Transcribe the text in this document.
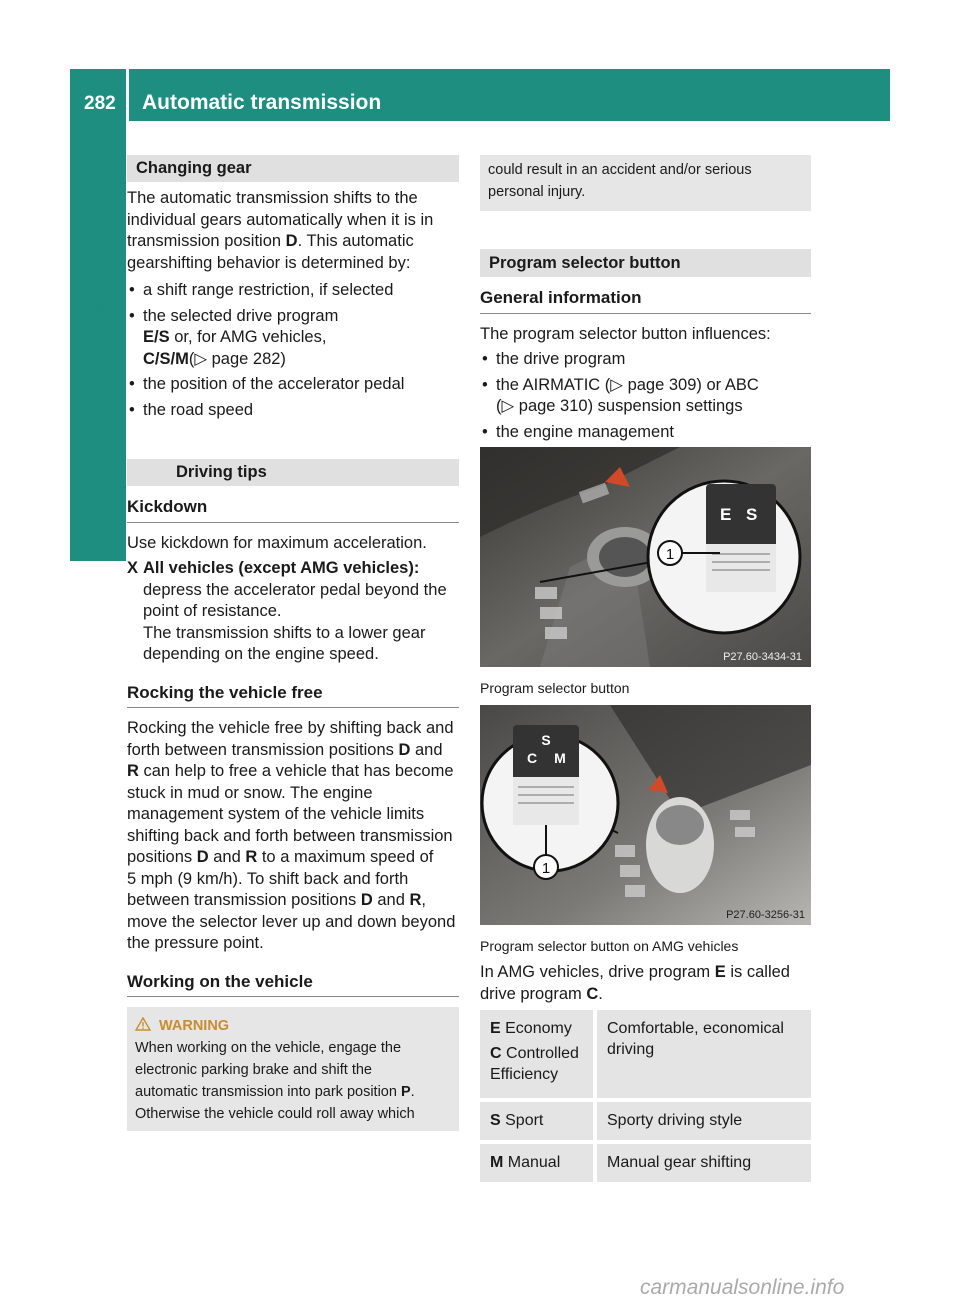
282 Automatic transmission
Driving and parking
Changing gear

The automatic transmission shifts to the
individual gears automatically when it is in
transmission position D. This automatic
gearshifting behavior is determined by:

• a shift range restriction, if selected

• the selected drive program
E/S or, for AMG vehicles,
C/S/M(▷ page 282)

• the position of the accelerator pedal

• the road speed

Driving tips
Kickdown

Use kickdown for maximum acceleration.

X All vehicles (except AMG vehicles):
depress the accelerator pedal beyond the
point of resistance.
The transmission shifts to a lower gear
depending on the engine speed.

Rocking the vehicle free

Rocking the vehicle free by shifting back and
forth between transmission positions D and
R can help to free a vehicle that has become
stuck in mud or snow. The engine
management system of the vehicle limits
shifting back and forth between transmission
positions D and R to a maximum speed of
5 mph (9 km/h). To shift back and forth
between transmission positions D and R,
move the selector lever up and down beyond
the pressure point.

Working on the vehicle
WARNING
When working on the vehicle, engage the
electronic parking brake and shift the
automatic transmission into park position P.
Otherwise the vehicle could roll away which
could result in an accident and/or serious
personal injury.
Program selector button
General information

The program selector button influences:

• the drive program

• the AIRMATIC (▷ page 309) or ABC
(▷ page 310) suspension settings

• the engine management

E S
1
P27.60-3434-31
Program selector button
S
C M
1
P27.60-3256-31
Program selector button on AMG vehicles

In AMG vehicles, drive program E is called
drive program C.

E Economy

C Controlled
Efficiency	Comfortable, economical driving
S Sport	Sporty driving style
M Manual	Manual gear shifting
carmanualsonline.info
